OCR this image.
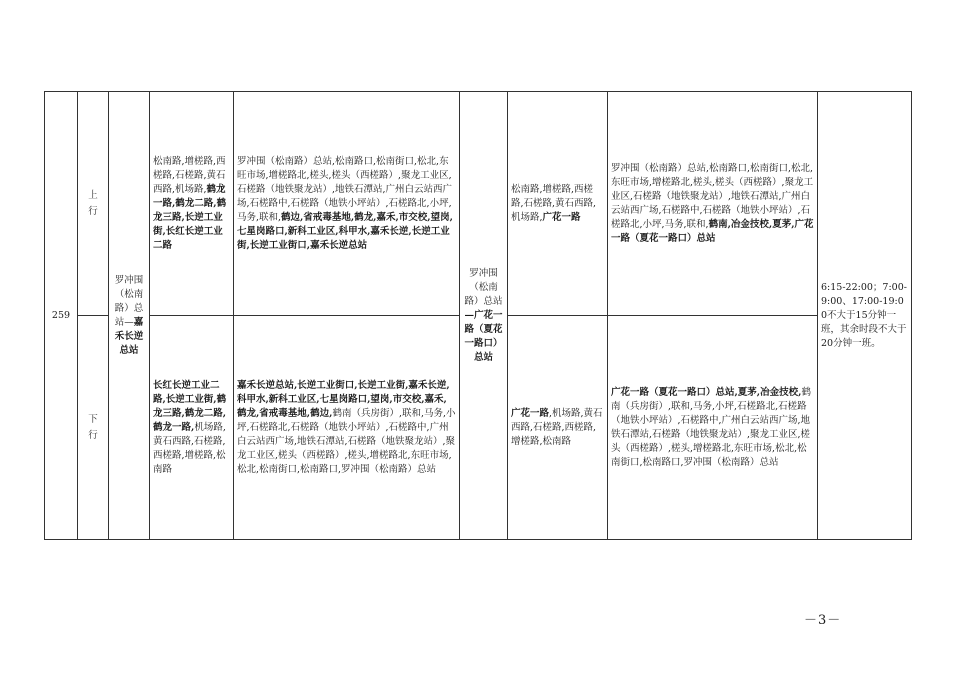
259	上行	罗冲围（松南路）总站—嘉禾长逆总站	松南路,增槎路,西槎路,石槎路,黄石西路,机场路,鹤龙一路,鹤龙二路,鹤龙三路,长逆工业街,长红长逆工业二路	罗冲围（松南路）总站,松南路口,松南街口,松北,东旺市场,增槎路北,槎头,槎头（西槎路）,聚龙工业区,石槎路（地铁聚龙站）,地铁石潭站,广州白云站西广场,石槎路中,石槎路（地铁小坪站）,石槎路北,小坪,马务,联和,鹤边,省戒毒基地,鹤龙,嘉禾,市交校,望岗,七星岗路口,新科工业区,科甲水,嘉禾长逆,长逆工业街,长逆工业街口,嘉禾长逆总站	罗冲围（松南路）总站—广花一路（夏花一路口）总站	松南路,增槎路,西槎路,石槎路,黄石西路,机场路,广花一路	罗冲围（松南路）总站,松南路口,松南街口,松北,东旺市场,增槎路北,槎头,槎头（西槎路）,聚龙工业区,石槎路（地铁聚龙站）,地铁石潭站,广州白云站西广场,石槎路中,石槎路（地铁小坪站）,石槎路北,小坪,马务,联和,鹤南,冶金技校,夏茅,广花一路（夏花一路口）总站	6:15-22:00；7:00-9:00、17:00-19:00不大于15分钟一班，其余时段不大于20分钟一班。
	下行		长红长逆工业二路,长逆工业街,鹤龙三路,鹤龙二路,鹤龙一路,机场路,黄石西路,石槎路,西槎路,增槎路,松南路	嘉禾长逆总站,长逆工业街口,长逆工业街,嘉禾长逆,科甲水,新科工业区,七星岗路口,望岗,市交校,嘉禾,鹤龙,省戒毒基地,鹤边,鹤南（兵房街）,联和,马务,小坪,石槎路北,石槎路（地铁小坪站）,石槎路中,广州白云站西广场,地铁石潭站,石槎路（地铁聚龙站）,聚龙工业区,槎头（西槎路）,槎头,增槎路北,东旺市场,松北,松南街口,松南路口,罗冲围（松南路）总站		广花一路,机场路,黄石西路,石槎路,西槎路,增槎路,松南路	广花一路（夏花一路口）总站,夏茅,冶金技校,鹤南（兵房街）,联和,马务,小坪,石槎路北,石槎路（地铁小坪站）,石槎路中,广州白云站西广场,地铁石潭站,石槎路（地铁聚龙站）,聚龙工业区,槎头（西槎路）,槎头,增槎路北,东旺市场,松北,松南街口,松南路口,罗冲围（松南路）总站	
－3－
